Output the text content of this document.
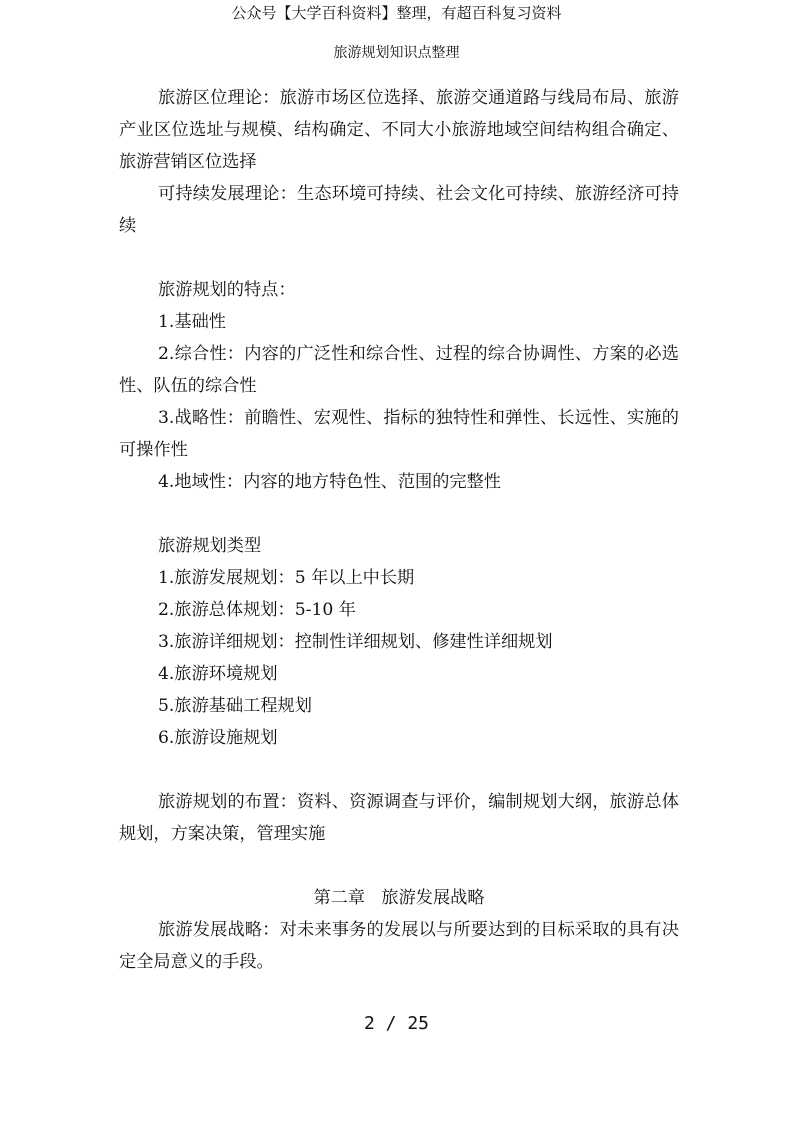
公众号【大学百科资料】整理，有超百科复习资料
旅游规划知识点整理

旅游区位理论：旅游市场区位选择、旅游交通道路与线局布局、旅游产业区位选址与规模、结构确定、不同大小旅游地域空间结构组合确定、旅游营销区位选择

可持续发展理论：生态环境可持续、社会文化可持续、旅游经济可持续

旅游规划的特点：

1.基础性

2.综合性：内容的广泛性和综合性、过程的综合协调性、方案的必选性、队伍的综合性

3.战略性：前瞻性、宏观性、指标的独特性和弹性、长远性、实施的可操作性

4.地域性：内容的地方特色性、范围的完整性

旅游规划类型

1.旅游发展规划：5 年以上中长期

2.旅游总体规划：5-10 年

3.旅游详细规划：控制性详细规划、修建性详细规划

4.旅游环境规划

5.旅游基础工程规划

6.旅游设施规划

旅游规划的布置：资料、资源调查与评价，编制规划大纲，旅游总体规划，方案决策，管理实施

第二章   旅游发展战略

旅游发展战略：对未来事务的发展以与所要达到的目标采取的具有决定全局意义的手段。

2 / 25
